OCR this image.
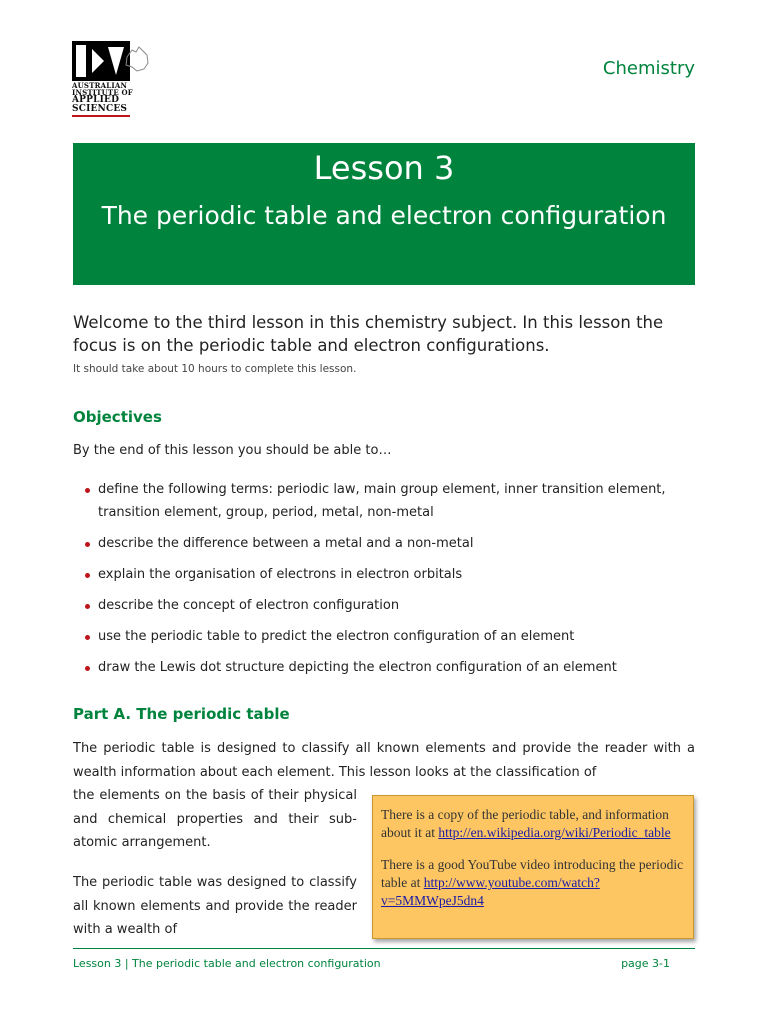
AUSTRALIAN
INSTITUTE OF
APPLIED
SCIENCES
Chemistry
Lesson 3
The periodic table and electron configuration
Welcome to the third lesson in this chemistry subject. In this lesson the focus is on the periodic table and electron configurations.
It should take about 10 hours to complete this lesson.
Objectives
By the end of this lesson you should be able to…
define the following terms: periodic law, main group element, inner transition element, transition element, group, period, metal, non-metal
describe the difference between a metal and a non-metal
explain the organisation of electrons in electron orbitals
describe the concept of electron configuration
use the periodic table to predict the electron configuration of an element
draw the Lewis dot structure depicting the electron configuration of an element
Part A. The periodic table
The periodic table is designed to classify all known elements and provide the reader with a wealth information about each element. This lesson looks at the classification of
the elements on the basis of their physical and chemical properties and their sub-atomic arrangement.
The periodic table was designed to classify all known elements and provide the reader with a wealth of
There is a copy of the periodic table, and information about it at http://en.wikipedia.org/wiki/Periodic_table
There is a good YouTube video introducing the periodic table at http://www.youtube.com/watch?v=5MMWpeJ5dn4
Lesson 3 | The periodic table and electron configuration	page 3-1
